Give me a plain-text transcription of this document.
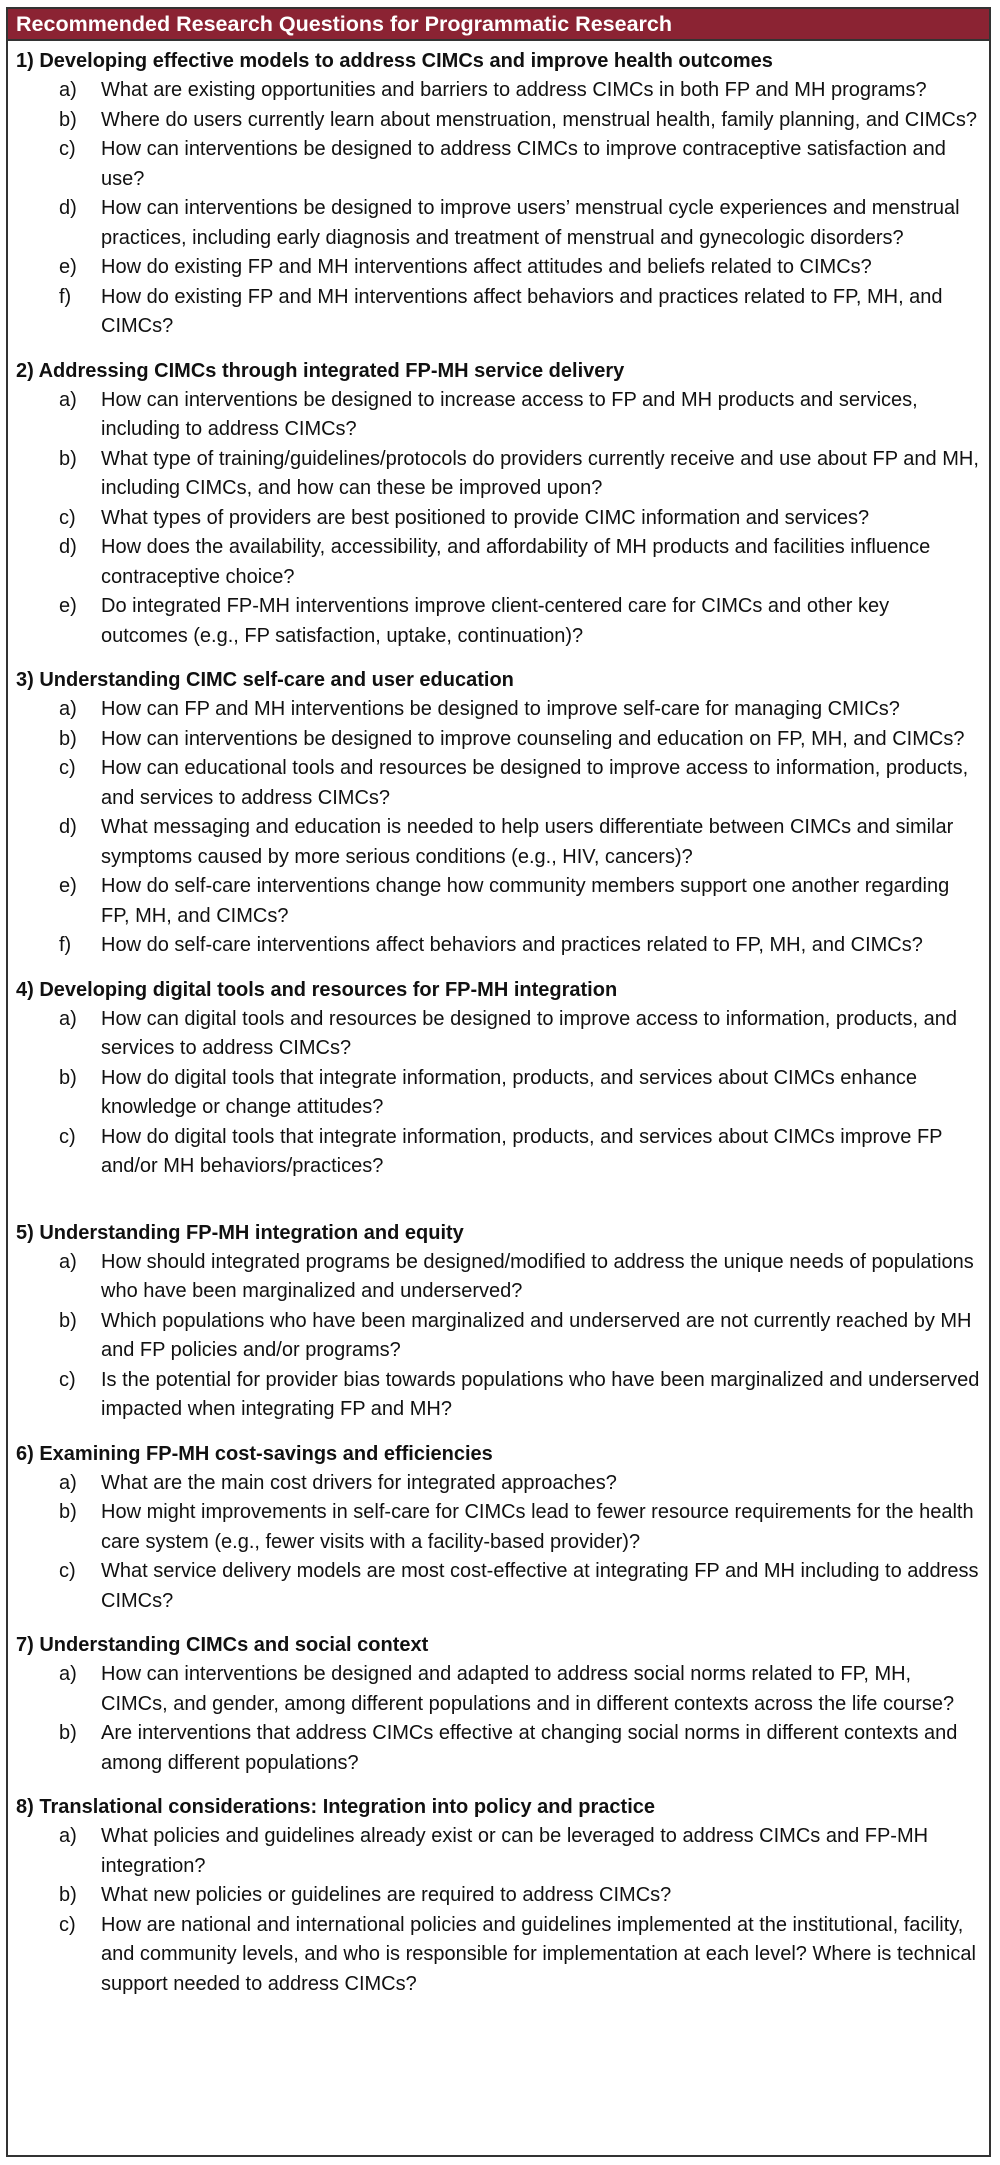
Recommended Research Questions for Programmatic Research
1) Developing effective models to address CIMCs and improve health outcomes
a) What are existing opportunities and barriers to address CIMCs in both FP and MH programs?
b) Where do users currently learn about menstruation, menstrual health, family planning, and CIMCs?
c) How can interventions be designed to address CIMCs to improve contraceptive satisfaction and use?
d) How can interventions be designed to improve users’ menstrual cycle experiences and menstrual practices, including early diagnosis and treatment of menstrual and gynecologic disorders?
e) How do existing FP and MH interventions affect attitudes and beliefs related to CIMCs?
f) How do existing FP and MH interventions affect behaviors and practices related to FP, MH, and CIMCs?
2) Addressing CIMCs through integrated FP-MH service delivery
a) How can interventions be designed to increase access to FP and MH products and services, including to address CIMCs?
b) What type of training/guidelines/protocols do providers currently receive and use about FP and MH, including CIMCs, and how can these be improved upon?
c) What types of providers are best positioned to provide CIMC information and services?
d) How does the availability, accessibility, and affordability of MH products and facilities influence contraceptive choice?
e) Do integrated FP-MH interventions improve client-centered care for CIMCs and other key outcomes (e.g., FP satisfaction, uptake, continuation)?
3) Understanding CIMC self-care and user education
a) How can FP and MH interventions be designed to improve self-care for managing CMICs?
b) How can interventions be designed to improve counseling and education on FP, MH, and CIMCs?
c) How can educational tools and resources be designed to improve access to information, products, and services to address CIMCs?
d) What messaging and education is needed to help users differentiate between CIMCs and similar symptoms caused by more serious conditions (e.g., HIV, cancers)?
e) How do self-care interventions change how community members support one another regarding FP, MH, and CIMCs?
f) How do self-care interventions affect behaviors and practices related to FP, MH, and CIMCs?
4) Developing digital tools and resources for FP-MH integration
a) How can digital tools and resources be designed to improve access to information, products, and services to address CIMCs?
b) How do digital tools that integrate information, products, and services about CIMCs enhance knowledge or change attitudes?
c) How do digital tools that integrate information, products, and services about CIMCs improve FP and/or MH behaviors/practices?
5) Understanding FP-MH integration and equity
a) How should integrated programs be designed/modified to address the unique needs of populations who have been marginalized and underserved?
b) Which populations who have been marginalized and underserved are not currently reached by MH and FP policies and/or programs?
c) Is the potential for provider bias towards populations who have been marginalized and underserved impacted when integrating FP and MH?
6) Examining FP-MH cost-savings and efficiencies
a) What are the main cost drivers for integrated approaches?
b) How might improvements in self-care for CIMCs lead to fewer resource requirements for the health care system (e.g., fewer visits with a facility-based provider)?
c) What service delivery models are most cost-effective at integrating FP and MH including to address CIMCs?
7) Understanding CIMCs and social context
a) How can interventions be designed and adapted to address social norms related to FP, MH, CIMCs, and gender, among different populations and in different contexts across the life course?
b) Are interventions that address CIMCs effective at changing social norms in different contexts and among different populations?
8) Translational considerations: Integration into policy and practice
a) What policies and guidelines already exist or can be leveraged to address CIMCs and FP-MH integration?
b) What new policies or guidelines are required to address CIMCs?
c) How are national and international policies and guidelines implemented at the institutional, facility, and community levels, and who is responsible for implementation at each level? Where is technical support needed to address CIMCs?
